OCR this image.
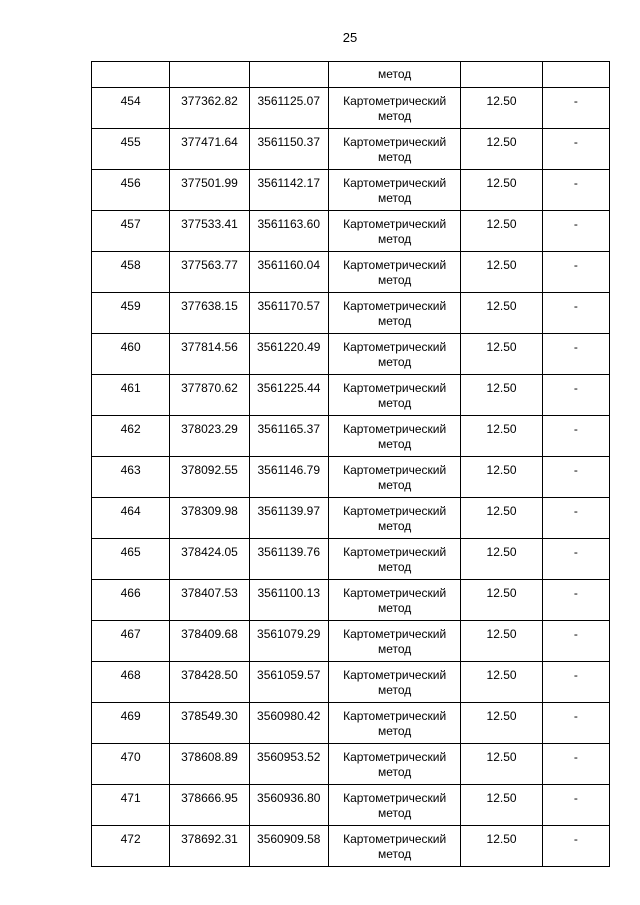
25
			метод		
454	377362.82	3561125.07	Картометрический
метод	12.50	-
455	377471.64	3561150.37	Картометрический
метод	12.50	-
456	377501.99	3561142.17	Картометрический
метод	12.50	-
457	377533.41	3561163.60	Картометрический
метод	12.50	-
458	377563.77	3561160.04	Картометрический
метод	12.50	-
459	377638.15	3561170.57	Картометрический
метод	12.50	-
460	377814.56	3561220.49	Картометрический
метод	12.50	-
461	377870.62	3561225.44	Картометрический
метод	12.50	-
462	378023.29	3561165.37	Картометрический
метод	12.50	-
463	378092.55	3561146.79	Картометрический
метод	12.50	-
464	378309.98	3561139.97	Картометрический
метод	12.50	-
465	378424.05	3561139.76	Картометрический
метод	12.50	-
466	378407.53	3561100.13	Картометрический
метод	12.50	-
467	378409.68	3561079.29	Картометрический
метод	12.50	-
468	378428.50	3561059.57	Картометрический
метод	12.50	-
469	378549.30	3560980.42	Картометрический
метод	12.50	-
470	378608.89	3560953.52	Картометрический
метод	12.50	-
471	378666.95	3560936.80	Картометрический
метод	12.50	-
472	378692.31	3560909.58	Картометрический
метод	12.50	-
